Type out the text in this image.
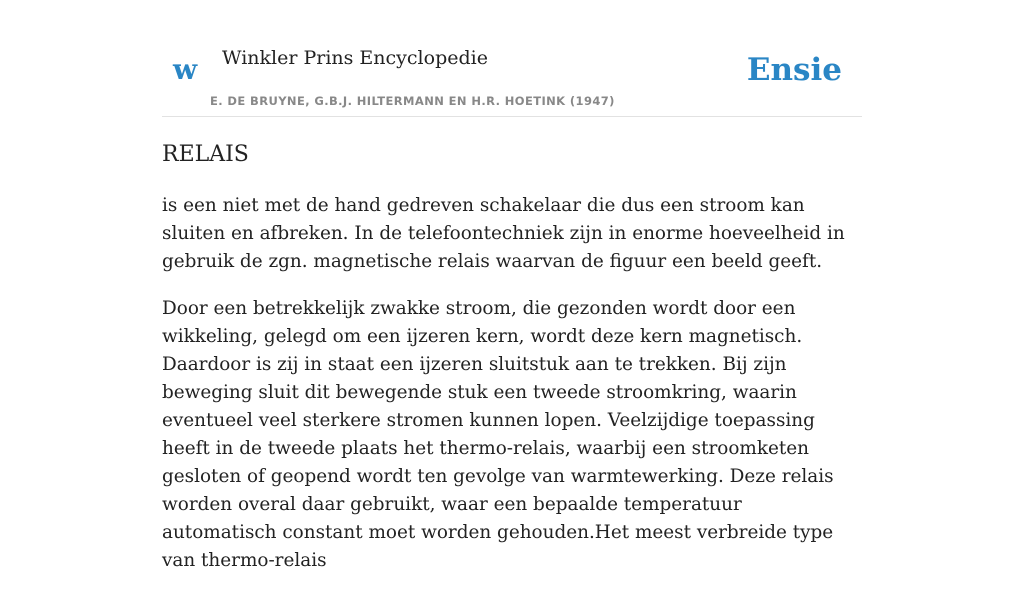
w Winkler Prins Encyclopedie
E. DE BRUYNE, G.B.J. HILTERMANN EN H.R. HOETINK (1947)
Ensie
RELAIS

is een niet met de hand gedreven schakelaar die dus een stroom kan sluiten en afbreken. In de telefoontechniek zijn in enorme hoeveelheid in gebruik de zgn. magnetische relais waarvan de figuur een beeld geeft.

Door een betrekkelijk zwakke stroom, die gezonden wordt door een wikkeling, gelegd om een ijzeren kern, wordt deze kern magnetisch. Daardoor is zij in staat een ijzeren sluitstuk aan te trekken. Bij zijn beweging sluit dit bewegende stuk een tweede stroomkring, waarin eventueel veel sterkere stromen kunnen lopen. Veelzijdige toepassing heeft in de tweede plaats het thermo-relais, waarbij een stroomketen gesloten of geopend wordt ten gevolge van warmtewerking. Deze relais worden overal daar gebruikt, waar een bepaalde temperatuur automatisch constant moet worden gehouden.Het meest verbreide type van thermo-relais
